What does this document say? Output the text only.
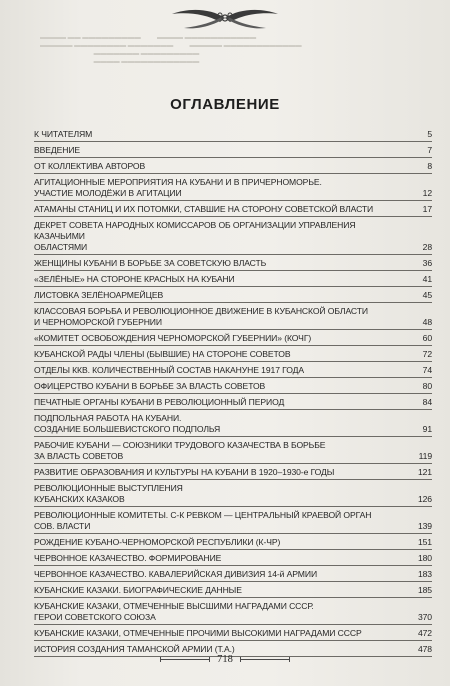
▬▬▬▬ ▬▬ ▬▬▬▬▬▬▬▬▬          ▬▬▬▬ ▬▬▬▬▬▬▬▬▬▬▬
▬▬▬▬▬ ▬▬▬▬▬▬▬▬ ▬▬▬▬▬▬▬          ▬▬▬▬▬ ▬▬▬▬▬▬▬▬▬▬▬▬
▬▬▬▬▬▬▬ ▬▬▬▬▬▬▬▬▬
▬▬▬▬ ▬▬▬▬▬▬▬▬▬▬▬▬
ОГЛАВЛЕНИЕ
К ЧИТАТЕЛЯМ	5
ВВЕДЕНИЕ	7
ОТ КОЛЛЕКТИВА АВТОРОВ	8
АГИТАЦИОННЫЕ МЕРОПРИЯТИЯ НА КУБАНИ И В ПРИЧЕРНОМОРЬЕ.
УЧАСТИЕ МОЛОДЁЖИ В АГИТАЦИИ	12
АТАМАНЫ СТАНИЦ И ИХ ПОТОМКИ, СТАВШИЕ НА СТОРОНУ СОВЕТСКОЙ ВЛАСТИ	17
ДЕКРЕТ СОВЕТА НАРОДНЫХ КОМИССАРОВ ОБ ОРГАНИЗАЦИИ УПРАВЛЕНИЯ КАЗАЧЬИМИ
ОБЛАСТЯМИ	28
ЖЕНЩИНЫ КУБАНИ В БОРЬБЕ ЗА СОВЕТСКУЮ ВЛАСТЬ	36
«ЗЕЛЁНЫЕ» НА СТОРОНЕ КРАСНЫХ НА КУБАНИ	41
ЛИСТОВКА ЗЕЛЁНОАРМЕЙЦЕВ	45
КЛАССОВАЯ БОРЬБА И РЕВОЛЮЦИОННОЕ ДВИЖЕНИЕ В КУБАНСКОЙ ОБЛАСТИ
И ЧЕРНОМОРСКОЙ ГУБЕРНИИ	48
«КОМИТЕТ ОСВОБОЖДЕНИЯ ЧЕРНОМОРСКОЙ ГУБЕРНИИ» (КОЧГ)	60
КУБАНСКОЙ РАДЫ ЧЛЕНЫ (БЫВШИЕ) НА СТОРОНЕ СОВЕТОВ	72
ОТДЕЛЫ ККВ. КОЛИЧЕСТВЕННЫЙ СОСТАВ НАКАНУНЕ 1917 ГОДА	74
ОФИЦЕРСТВО КУБАНИ В БОРЬБЕ ЗА ВЛАСТЬ СОВЕТОВ	80
ПЕЧАТНЫЕ ОРГАНЫ КУБАНИ В РЕВОЛЮЦИОННЫЙ ПЕРИОД	84
ПОДПОЛЬНАЯ РАБОТА НА КУБАНИ.
СОЗДАНИЕ БОЛЬШЕВИСТСКОГО ПОДПОЛЬЯ	91
РАБОЧИЕ КУБАНИ — СОЮЗНИКИ ТРУДОВОГО КАЗАЧЕСТВА В БОРЬБЕ
ЗА ВЛАСТЬ СОВЕТОВ	119
РАЗВИТИЕ ОБРАЗОВАНИЯ И КУЛЬТУРЫ НА КУБАНИ В 1920–1930-е ГОДЫ	121
РЕВОЛЮЦИОННЫЕ ВЫСТУПЛЕНИЯ
КУБАНСКИХ КАЗАКОВ	126
РЕВОЛЮЦИОННЫЕ КОМИТЕТЫ. С-К РЕВКОМ — ЦЕНТРАЛЬНЫЙ КРАЕВОЙ ОРГАН
СОВ. ВЛАСТИ	139
РОЖДЕНИЕ КУБАНО-ЧЕРНОМОРСКОЙ РЕСПУБЛИКИ (К-ЧР)	151
ЧЕРВОННОЕ КАЗАЧЕСТВО. ФОРМИРОВАНИЕ	180
ЧЕРВОННОЕ КАЗАЧЕСТВО. КАВАЛЕРИЙСКАЯ ДИВИЗИЯ 14-й АРМИИ	183
КУБАНСКИЕ КАЗАКИ. БИОГРАФИЧЕСКИЕ ДАННЫЕ	185
КУБАНСКИЕ КАЗАКИ, ОТМЕЧЕННЫЕ ВЫСШИМИ НАГРАДАМИ СССР.
ГЕРОИ СОВЕТСКОГО СОЮЗА	370
КУБАНСКИЕ КАЗАКИ, ОТМЕЧЕННЫЕ ПРОЧИМИ ВЫСОКИМИ НАГРАДАМИ СССР	472
ИСТОРИЯ СОЗДАНИЯ ТАМАНСКОЙ АРМИИ (Т.А.)	478
718
